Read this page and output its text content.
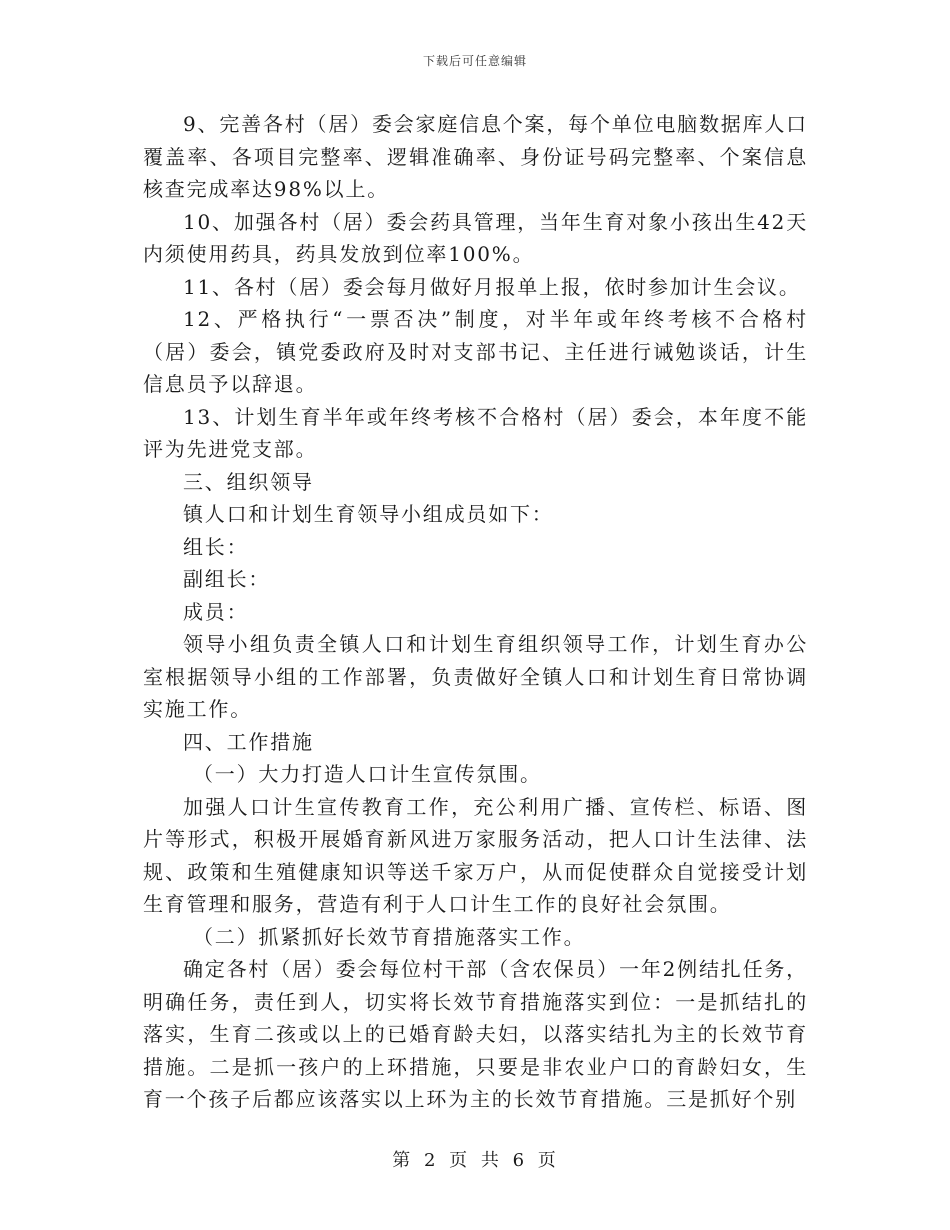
下载后可任意编辑

9、完善各村（居）委会家庭信息个案，每个单位电脑数据库人口覆盖率、各项目完整率、逻辑准确率、身份证号码完整率、个案信息核查完成率达98%以上。

10、加强各村（居）委会药具管理，当年生育对象小孩出生42天内须使用药具，药具发放到位率100%。

11、各村（居）委会每月做好月报单上报，依时参加计生会议。

12、严格执行“一票否决”制度，对半年或年终考核不合格村（居）委会，镇党委政府及时对支部书记、主任进行诫勉谈话，计生信息员予以辞退。

13、计划生育半年或年终考核不合格村（居）委会，本年度不能评为先进党支部。

三、组织领导

镇人口和计划生育领导小组成员如下：

组长：

副组长：

成员：

领导小组负责全镇人口和计划生育组织领导工作，计划生育办公室根据领导小组的工作部署，负责做好全镇人口和计划生育日常协调实施工作。

四、工作措施

（一）大力打造人口计生宣传氛围。

加强人口计生宣传教育工作，充公利用广播、宣传栏、标语、图片等形式，积极开展婚育新风进万家服务活动，把人口计生法律、法规、政策和生殖健康知识等送千家万户，从而促使群众自觉接受计划生育管理和服务，营造有利于人口计生工作的良好社会氛围。

（二）抓紧抓好长效节育措施落实工作。

确定各村（居）委会每位村干部（含农保员）一年2例结扎任务，明确任务，责任到人，切实将长效节育措施落实到位：一是抓结扎的落实，生育二孩或以上的已婚育龄夫妇，以落实结扎为主的长效节育措施。二是抓一孩户的上环措施，只要是非农业户口的育龄妇女，生育一个孩子后都应该落实以上环为主的长效节育措施。三是抓好个别

第 2 页 共 6 页
